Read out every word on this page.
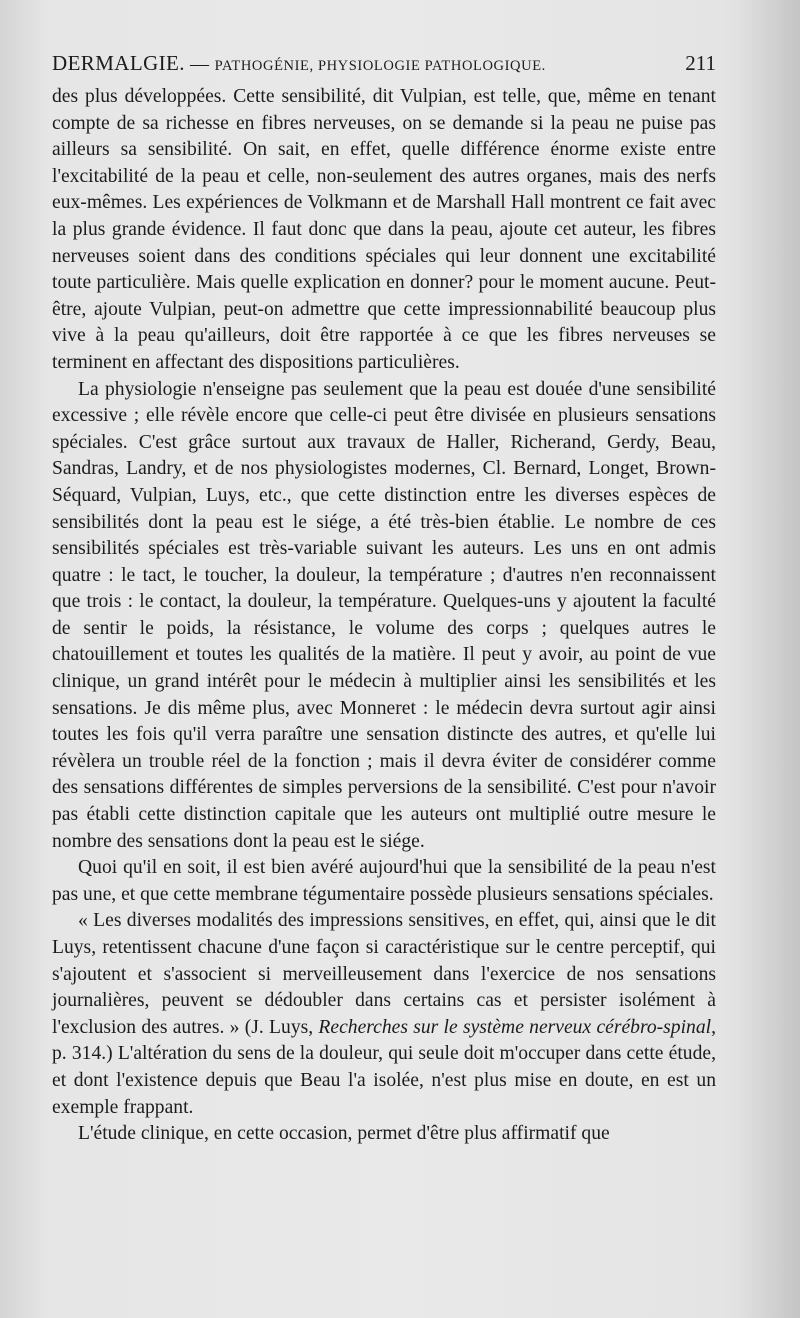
DERMALGIE. — PATHOGÉNIE, PHYSIOLOGIE PATHOLOGIQUE.	211

des plus développées. Cette sensibilité, dit Vulpian, est telle, que, même en tenant compte de sa richesse en fibres nerveuses, on se demande si la peau ne puise pas ailleurs sa sensibilité. On sait, en effet, quelle différence énorme existe entre l'excitabilité de la peau et celle, non-seulement des autres organes, mais des nerfs eux-mêmes. Les expériences de Volkmann et de Marshall Hall montrent ce fait avec la plus grande évidence. Il faut donc que dans la peau, ajoute cet auteur, les fibres nerveuses soient dans des conditions spéciales qui leur donnent une excitabilité toute particulière. Mais quelle explication en donner? pour le moment aucune. Peut-être, ajoute Vulpian, peut-on admettre que cette impressionnabilité beaucoup plus vive à la peau qu'ailleurs, doit être rapportée à ce que les fibres nerveuses se terminent en affectant des dispositions particulières.

La physiologie n'enseigne pas seulement que la peau est douée d'une sensibilité excessive ; elle révèle encore que celle-ci peut être divisée en plusieurs sensations spéciales. C'est grâce surtout aux travaux de Haller, Richerand, Gerdy, Beau, Sandras, Landry, et de nos physiologistes modernes, Cl. Bernard, Longet, Brown-Séquard, Vulpian, Luys, etc., que cette distinction entre les diverses espèces de sensibilités dont la peau est le siége, a été très-bien établie. Le nombre de ces sensibilités spéciales est très-variable suivant les auteurs. Les uns en ont admis quatre : le tact, le toucher, la douleur, la température ; d'autres n'en reconnaissent que trois : le contact, la douleur, la température. Quelques-uns y ajoutent la faculté de sentir le poids, la résistance, le volume des corps ; quelques autres le chatouillement et toutes les qualités de la matière. Il peut y avoir, au point de vue clinique, un grand intérêt pour le médecin à multiplier ainsi les sensibilités et les sensations. Je dis même plus, avec Monneret : le médecin devra surtout agir ainsi toutes les fois qu'il verra paraître une sensation distincte des autres, et qu'elle lui révèlera un trouble réel de la fonction ; mais il devra éviter de considérer comme des sensations différentes de simples perversions de la sensibilité. C'est pour n'avoir pas établi cette distinction capitale que les auteurs ont multiplié outre mesure le nombre des sensations dont la peau est le siége.

Quoi qu'il en soit, il est bien avéré aujourd'hui que la sensibilité de la peau n'est pas une, et que cette membrane tégumentaire possède plusieurs sensations spéciales.

« Les diverses modalités des impressions sensitives, en effet, qui, ainsi que le dit Luys, retentissent chacune d'une façon si caractéristique sur le centre perceptif, qui s'ajoutent et s'associent si merveilleusement dans l'exercice de nos sensations journalières, peuvent se dédoubler dans certains cas et persister isolément à l'exclusion des autres. » (J. Luys, Recherches sur le système nerveux cérébro-spinal, p. 314.) L'altération du sens de la douleur, qui seule doit m'occuper dans cette étude, et dont l'existence depuis que Beau l'a isolée, n'est plus mise en doute, en est un exemple frappant.

L'étude clinique, en cette occasion, permet d'être plus affirmatif que
